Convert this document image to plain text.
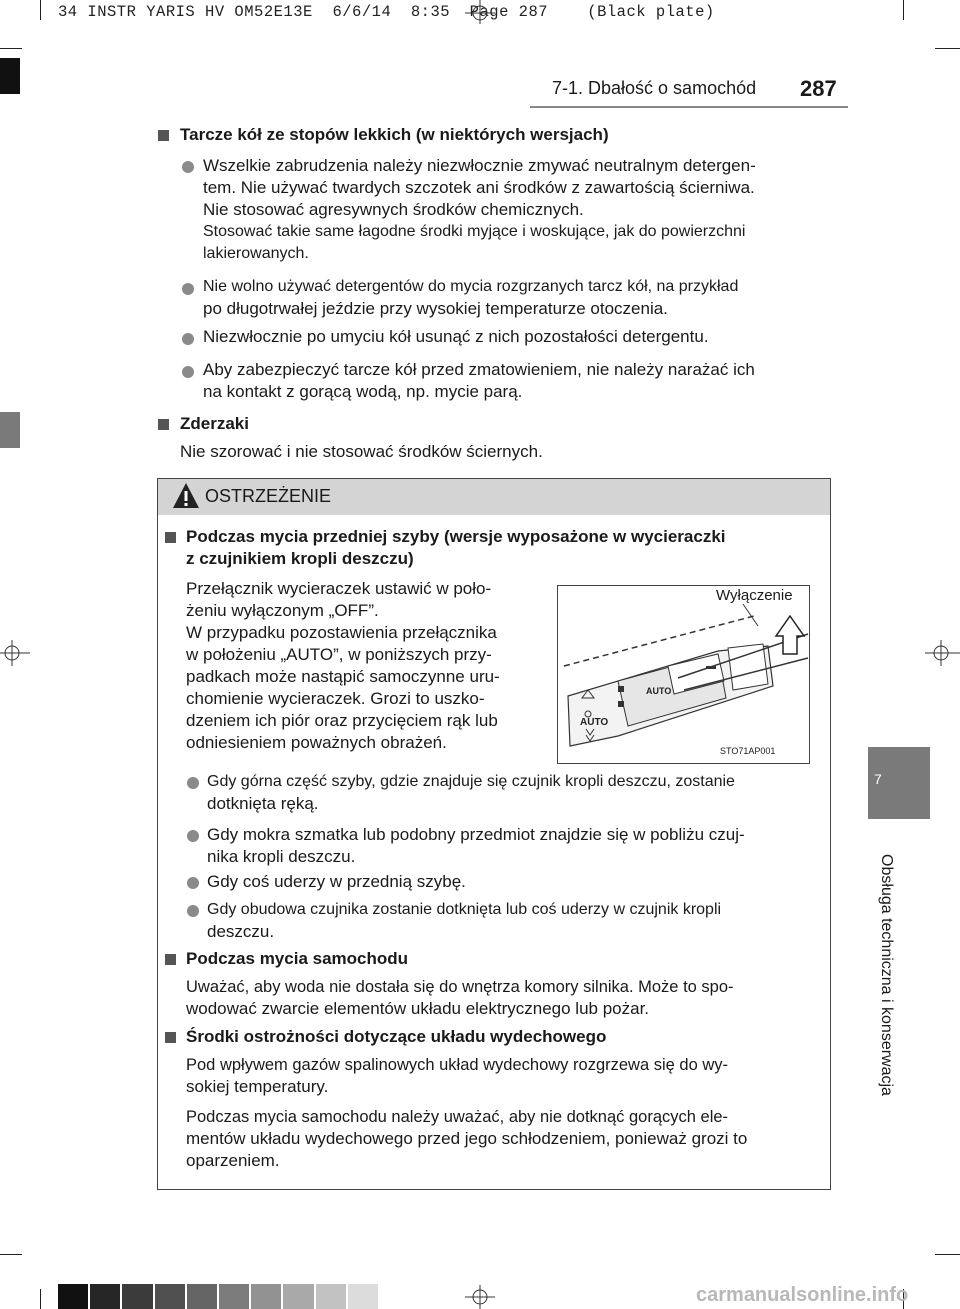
34 INSTR YARIS HV OM52E13E  6/6/14  8:35  Page 287    (Black plate)
7-1. Dbałość o samochód 287
7
Obsługa techniczna i konserwacja
Tarcze kół ze stopów lekkich (w niektórych wersjach)
Wszelkie zabrudzenia należy niezwłocznie zmywać neutralnym detergen-
tem. Nie używać twardych szczotek ani środków z zawartością ścierniwa.
Nie stosować agresywnych środków chemicznych.
Stosować takie same łagodne środki myjące i woskujące, jak do powierzchni
lakierowanych.
Nie wolno używać detergentów do mycia rozgrzanych tarcz kół, na przykład
po długotrwałej jeździe przy wysokiej temperaturze otoczenia.
Niezwłocznie po umyciu kół usunąć z nich pozostałości detergentu.
Aby zabezpieczyć tarcze kół przed zmatowieniem, nie należy narażać ich
na kontakt z gorącą wodą, np. mycie parą.
Zderzaki
Nie szorować i nie stosować środków ściernych.
OSTRZEŻENIE
Podczas mycia przedniej szyby (wersje wyposażone w wycieraczki
z czujnikiem kropli deszczu)
Przełącznik wycieraczek ustawić w poło-
żeniu wyłączonym „OFF”.
W przypadku pozostawienia przełącznika
w położeniu „AUTO”, w poniższych przy-
padkach może nastąpić samoczynne uru-
chomienie wycieraczek. Grozi to uszko-
dzeniem ich piór oraz przycięciem rąk lub
odniesieniem poważnych obrażeń.
AUTO
AUTO
Wyłączenie
STO71AP001
Gdy górna część szyby, gdzie znajduje się czujnik kropli deszczu, zostanie
dotknięta ręką.
Gdy mokra szmatka lub podobny przedmiot znajdzie się w pobliżu czuj-
nika kropli deszczu.
Gdy coś uderzy w przednią szybę.
Gdy obudowa czujnika zostanie dotknięta lub coś uderzy w czujnik kropli
deszczu.
Podczas mycia samochodu
Uważać, aby woda nie dostała się do wnętrza komory silnika. Może to spo-
wodować zwarcie elementów układu elektrycznego lub pożar.
Środki ostrożności dotyczące układu wydechowego
Pod wpływem gazów spalinowych układ wydechowy rozgrzewa się do wy-
sokiej temperatury.
Podczas mycia samochodu należy uważać, aby nie dotknąć gorących ele-
mentów układu wydechowego przed jego schłodzeniem, ponieważ grozi to
oparzeniem.
carmanualsonline.info
